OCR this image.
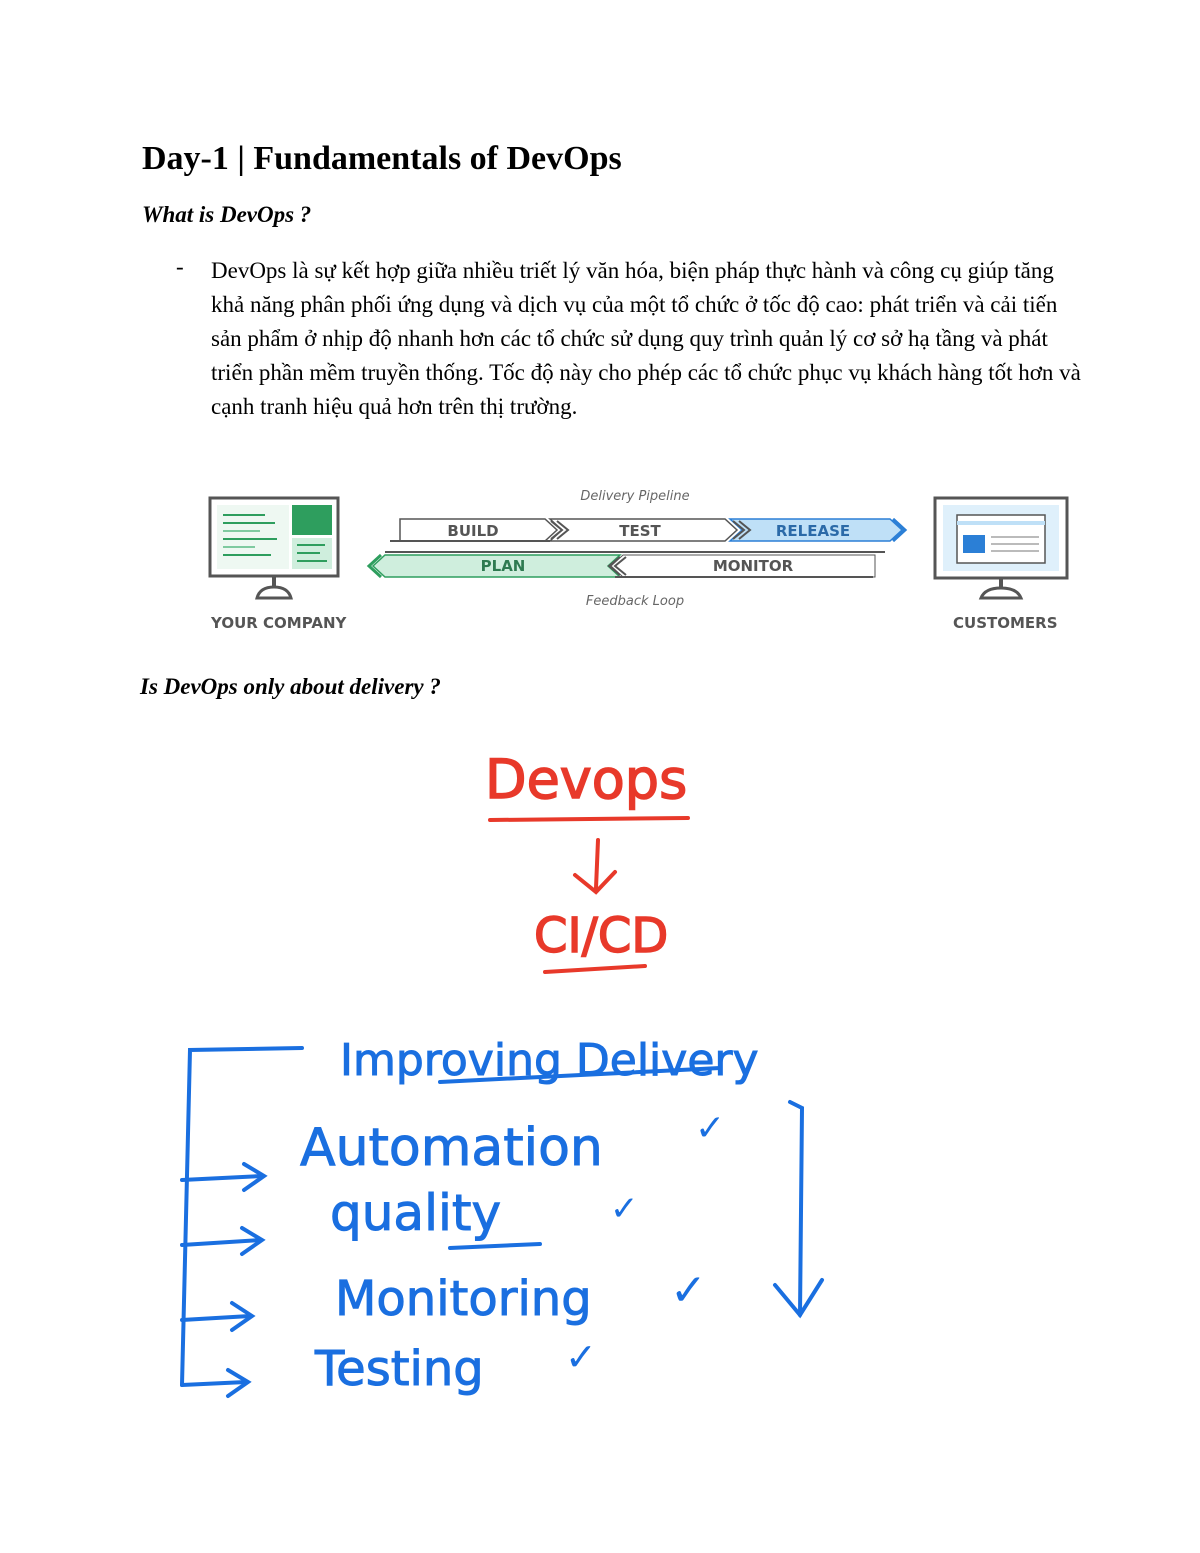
Day-1 | Fundamentals of DevOps
What is DevOps ?
- DevOps là sự kết hợp giữa nhiều triết lý văn hóa, biện pháp thực hành và công cụ giúp tăng khả năng phân phối ứng dụng và dịch vụ của một tổ chức ở tốc độ cao: phát triển và cải tiến sản phẩm ở nhịp độ nhanh hơn các tổ chức sử dụng quy trình quản lý cơ sở hạ tầng và phát triển phần mềm truyền thống. Tốc độ này cho phép các tổ chức phục vụ khách hàng tốt hơn và cạnh tranh hiệu quả hơn trên thị trường.
YOUR COMPANY
Delivery Pipeline
BUILD	TEST	RELEASE
PLAN	MONITOR
Feedback Loop
CUSTOMERS
Is DevOps only about delivery ?
Devops
CI/CD
Improving Delivery
Automation
quality
Monitoring
Testing
✓
✓
✓
✓
